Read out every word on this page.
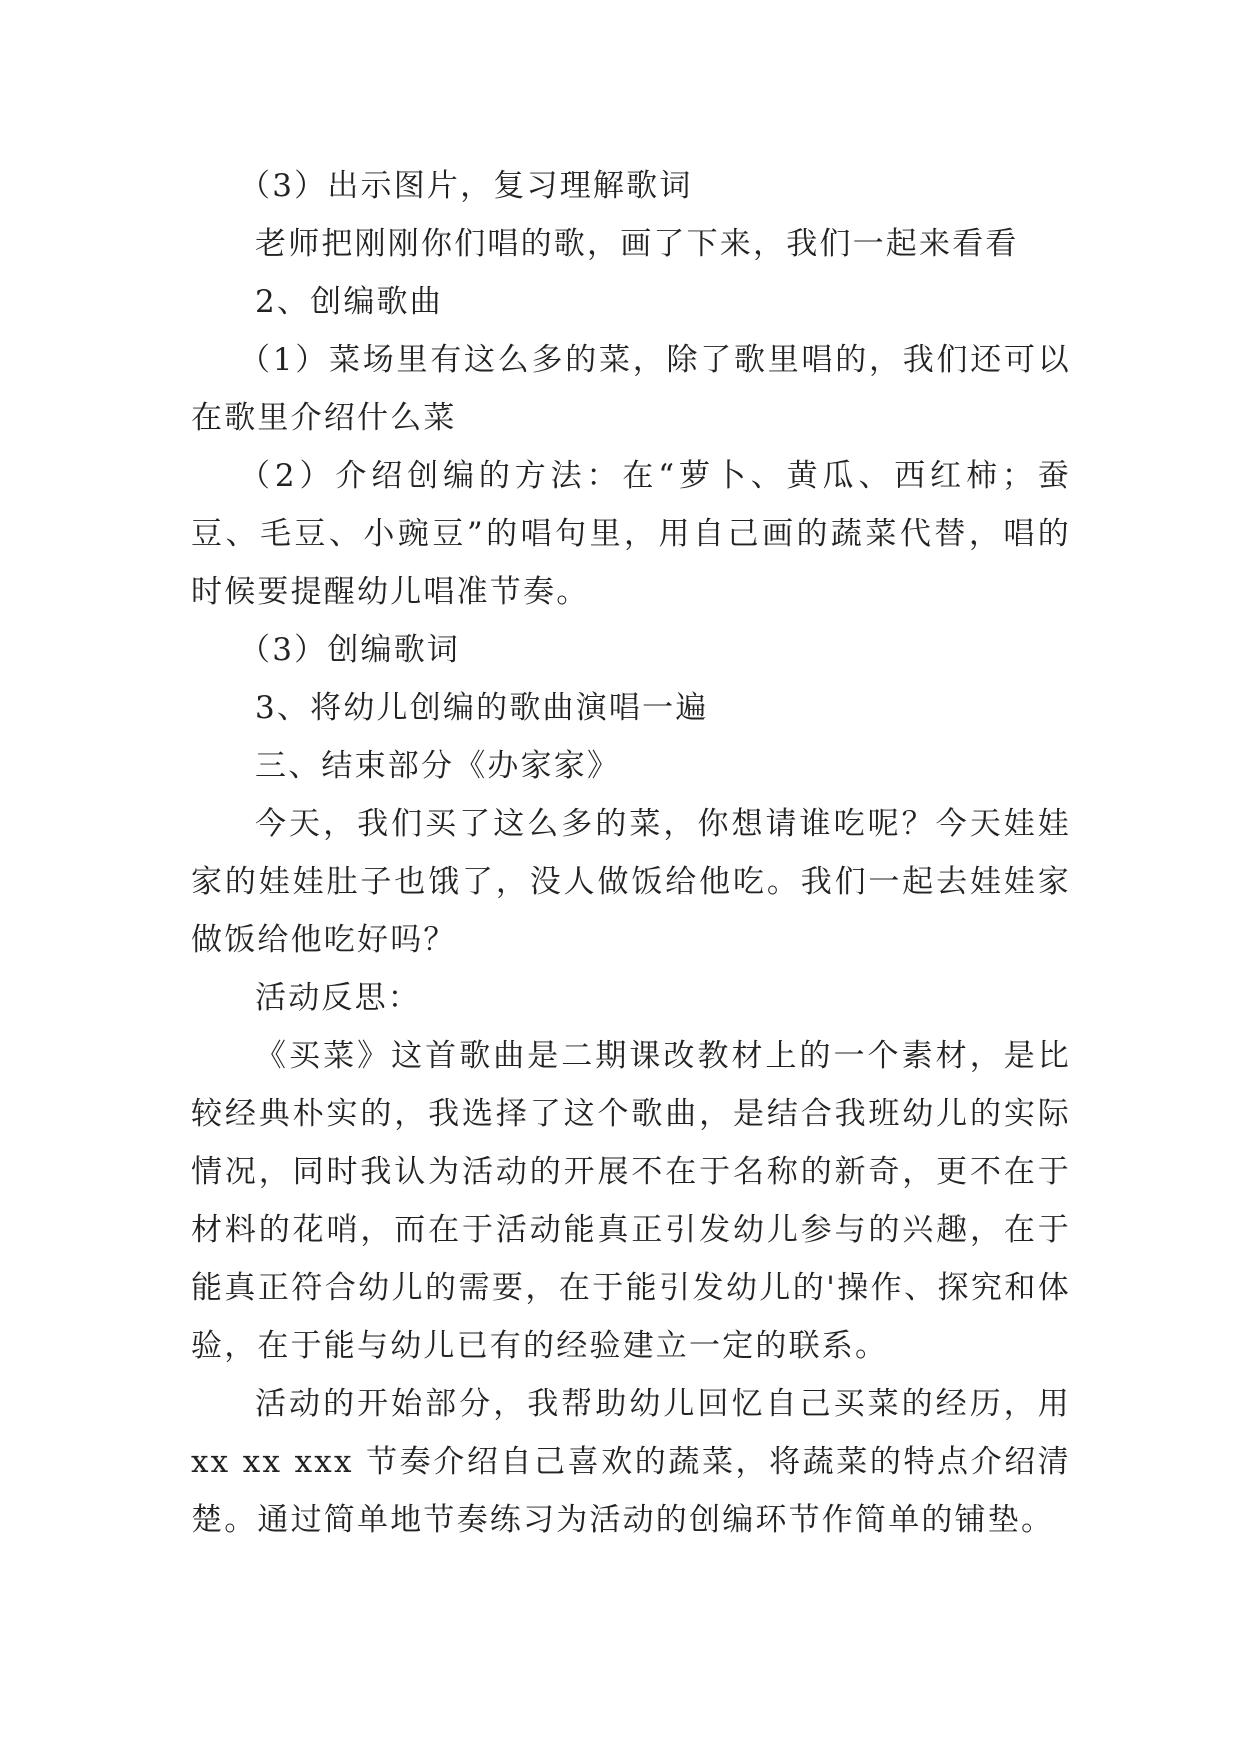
（3）出示图片，复习理解歌词

老师把刚刚你们唱的歌，画了下来，我们一起来看看

2、创编歌曲

（1）菜场里有这么多的菜，除了歌里唱的，我们还可以在歌里介绍什么菜

（2）介绍创编的方法：在“萝卜、黄瓜、西红柿；蚕豆、毛豆、小豌豆”的唱句里，用自己画的蔬菜代替，唱的时候要提醒幼儿唱准节奏。

（3）创编歌词

3、将幼儿创编的歌曲演唱一遍

三、结束部分《办家家》

今天，我们买了这么多的菜，你想请谁吃呢？今天娃娃家的娃娃肚子也饿了，没人做饭给他吃。我们一起去娃娃家做饭给他吃好吗？

活动反思：

《买菜》这首歌曲是二期课改教材上的一个素材，是比较经典朴实的，我选择了这个歌曲，是结合我班幼儿的实际情况，同时我认为活动的开展不在于名称的新奇，更不在于材料的花哨，而在于活动能真正引发幼儿参与的兴趣，在于能真正符合幼儿的需要，在于能引发幼儿的'操作、探究和体验，在于能与幼儿已有的经验建立一定的联系。

活动的开始部分，我帮助幼儿回忆自己买菜的经历，用 xx xx xxx 节奏介绍自己喜欢的蔬菜，将蔬菜的特点介绍清楚。通过简单地节奏练习为活动的创编环节作简单的铺垫。
